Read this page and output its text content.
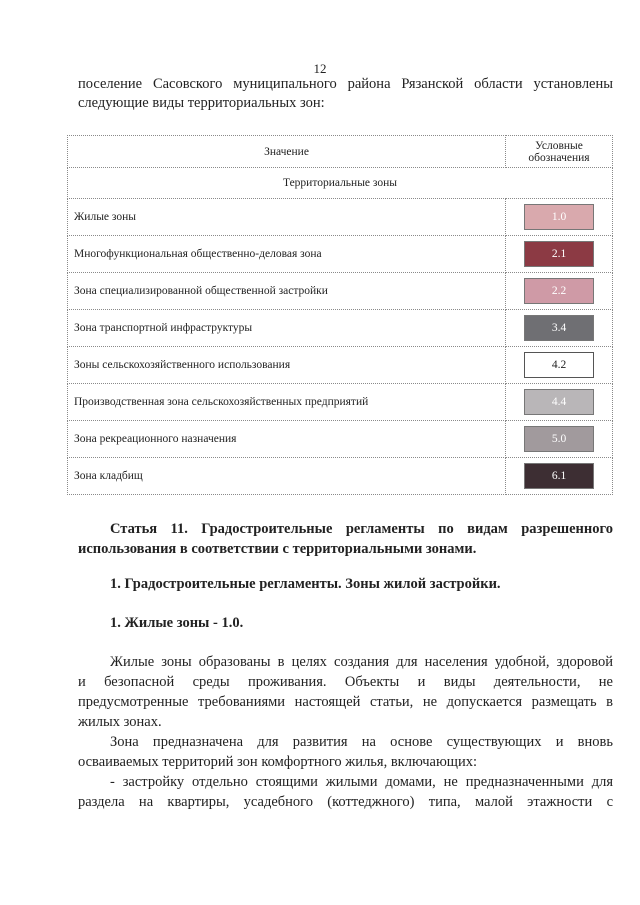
12
поселение Сасовского муниципального района Рязанской области установлены
следующие виды территориальных зон:
Значение	Условные
обозначения
Территориальные зоны	
Жилые зоны	1.0
Многофункциональная общественно-деловая зона	2.1
Зона специализированной общественной застройки	2.2
Зона транспортной инфраструктуры	3.4
Зоны сельскохозяйственного использования	4.2
Производственная зона сельскохозяйственных предприятий	4.4
Зона рекреационного назначения	5.0
Зона кладбищ	6.1
Статья 11. Градостроительные регламенты по видам разрешенного
использования в соответствии с территориальными зонами.
1. Градостроительные регламенты. Зоны жилой застройки.
1. Жилые зоны - 1.0.
Жилые зоны образованы в целях создания для населения удобной, здоровой
и безопасной среды проживания. Объекты и виды деятельности, не
предусмотренные требованиями настоящей статьи, не допускается размещать в
жилых зонах.
Зона предназначена для развития на основе существующих и вновь
осваиваемых территорий зон комфортного жилья, включающих:
- застройку отдельно стоящими жилыми домами, не предназначенными для
раздела на квартиры, усадебного (коттеджного) типа, малой этажности с
